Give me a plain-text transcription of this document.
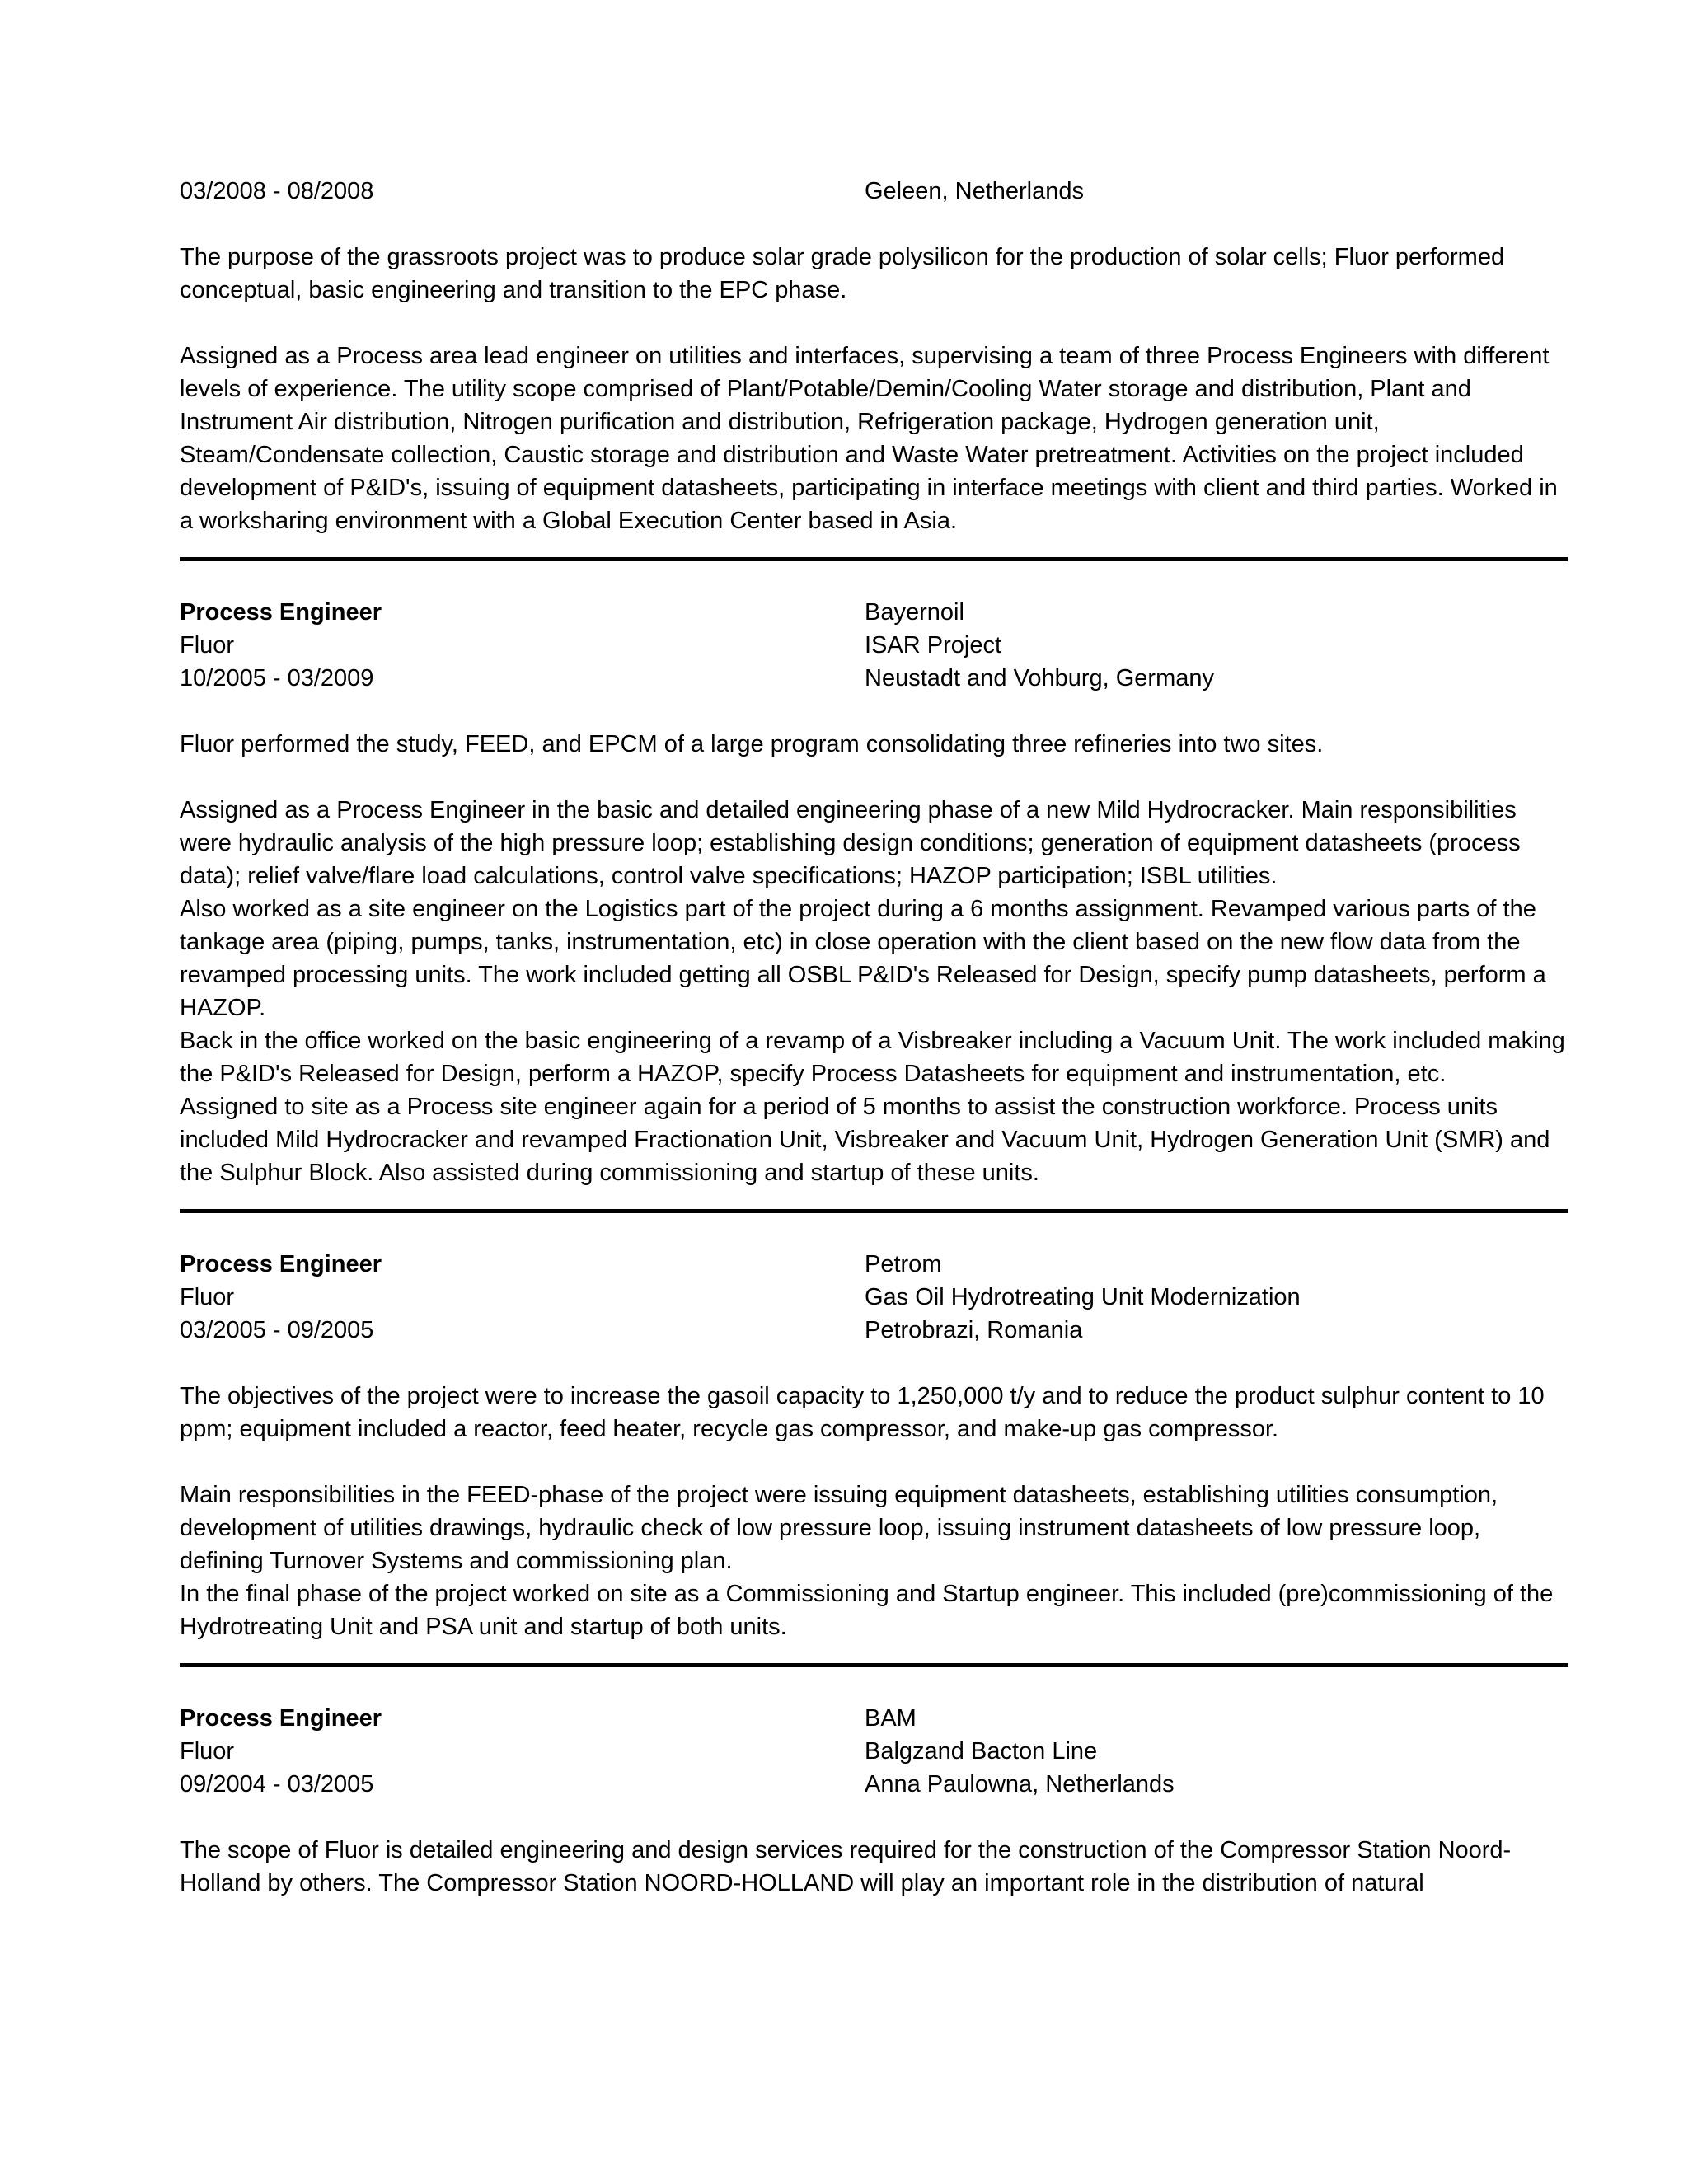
03/2008 - 08/2008	Geleen, Netherlands

The purpose of the grassroots project was to produce solar grade polysilicon for the production of solar cells; Fluor performed conceptual, basic engineering and transition to the EPC phase.

Assigned as a Process area lead engineer on utilities and interfaces, supervising a team of three Process Engineers with different levels of experience. The utility scope comprised of Plant/Potable/Demin/Cooling Water storage and distribution, Plant and Instrument Air distribution, Nitrogen purification and distribution, Refrigeration package, Hydrogen generation unit, Steam/Condensate collection, Caustic storage and distribution and Waste Water pretreatment. Activities on the project included development of P&ID's, issuing of equipment datasheets, participating in interface meetings with client and third parties. Worked in a worksharing environment with a Global Execution Center based in Asia.

Process Engineer
Fluor
10/2005 - 03/2009
Bayernoil
ISAR Project
Neustadt and Vohburg, Germany

Fluor performed the study, FEED, and EPCM of a large program consolidating three refineries into two sites.

Assigned as a Process Engineer in the basic and detailed engineering phase of a new Mild Hydrocracker. Main responsibilities were hydraulic analysis of the high pressure loop; establishing design conditions; generation of equipment datasheets (process data); relief valve/flare load calculations, control valve specifications; HAZOP participation; ISBL utilities.

Also worked as a site engineer on the Logistics part of the project during a 6 months assignment. Revamped various parts of the tankage area (piping, pumps, tanks, instrumentation, etc) in close operation with the client based on the new flow data from the revamped processing units. The work included getting all OSBL P&ID's Released for Design, specify pump datasheets, perform a HAZOP.

Back in the office worked on the basic engineering of a revamp of a Visbreaker including a Vacuum Unit. The work included making the P&ID's Released for Design, perform a HAZOP, specify Process Datasheets for equipment and instrumentation, etc.

Assigned to site as a Process site engineer again for a period of 5 months to assist the construction workforce. Process units included Mild Hydrocracker and revamped Fractionation Unit, Visbreaker and Vacuum Unit, Hydrogen Generation Unit (SMR) and the Sulphur Block. Also assisted during commissioning and startup of these units.

Process Engineer
Fluor
03/2005 - 09/2005
Petrom
Gas Oil Hydrotreating Unit Modernization
Petrobrazi, Romania

The objectives of the project were to increase the gasoil capacity to 1,250,000 t/y and to reduce the product sulphur content to 10 ppm; equipment included a reactor, feed heater, recycle gas compressor, and make-up gas compressor.

Main responsibilities in the FEED-phase of the project were issuing equipment datasheets, establishing utilities consumption, development of utilities drawings, hydraulic check of low pressure loop, issuing instrument datasheets of low pressure loop, defining Turnover Systems and commissioning plan.

In the final phase of the project worked on site as a Commissioning and Startup engineer. This included (pre)commissioning of the Hydrotreating Unit and PSA unit and startup of both units.

Process Engineer
Fluor
09/2004 - 03/2005
BAM
Balgzand Bacton Line
Anna Paulowna, Netherlands

The scope of Fluor is detailed engineering and design services required for the construction of the Compressor Station Noord-Holland by others. The Compressor Station NOORD-HOLLAND will play an important role in the distribution of natural
